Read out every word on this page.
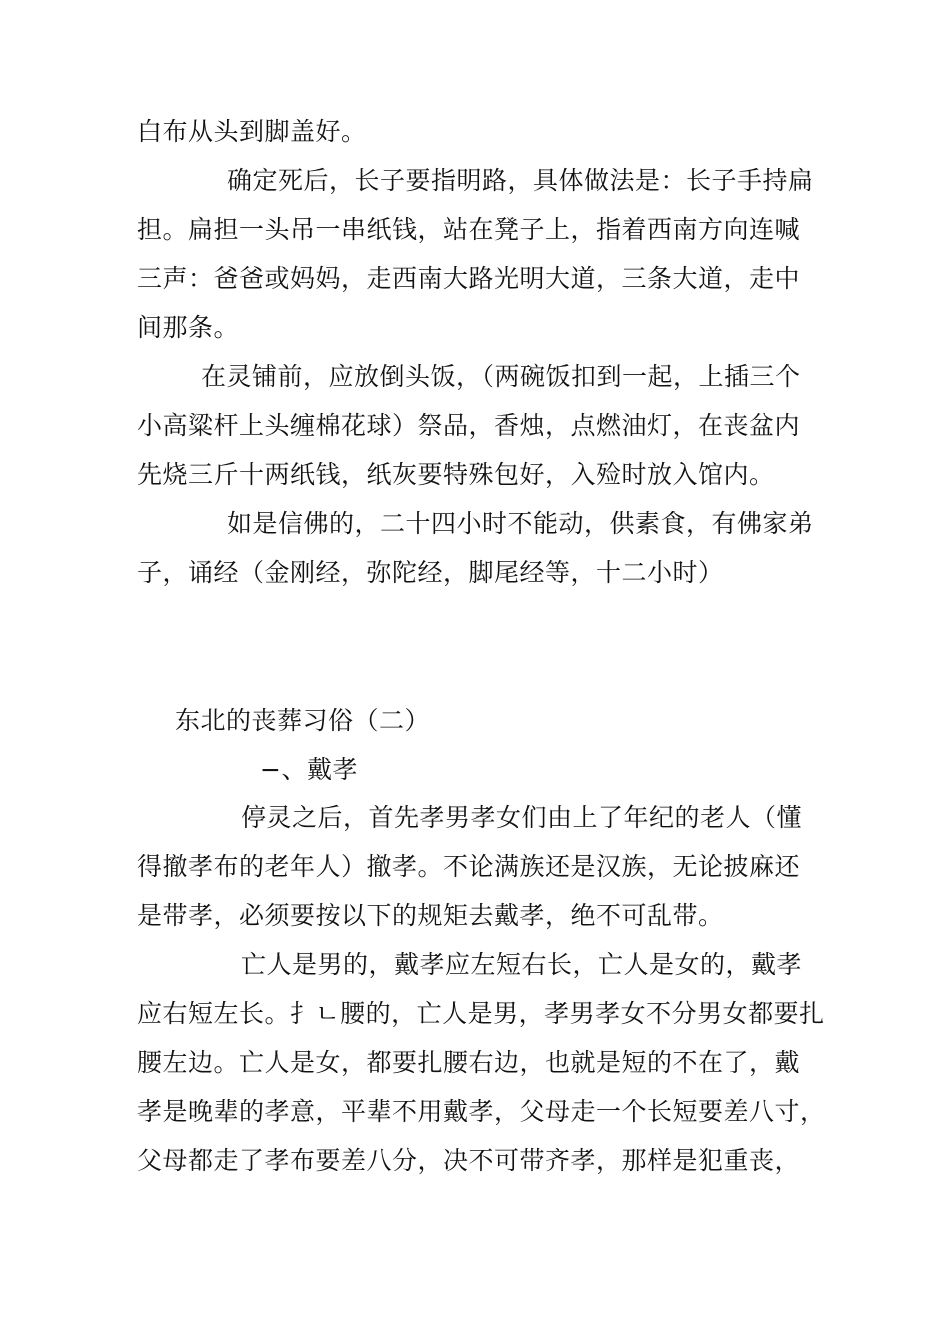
白布从头到脚盖好。
确定死后，长子要指明路，具体做法是：长子手持扁
担。扁担一头吊一串纸钱，站在凳子上，指着西南方向连喊
三声：爸爸或妈妈，走西南大路光明大道，三条大道，走中
间那条。
在灵铺前，应放倒头饭，（两碗饭扣到一起，上插三个
小高粱杆上头缠棉花球）祭品，香烛，点燃油灯，在丧盆内
先烧三斤十两纸钱，纸灰要特殊包好，入殓时放入馆内。
如是信佛的，二十四小时不能动，供素食，有佛家弟
子，诵经（金刚经，弥陀经，脚尾经等，十二小时）
东北的丧葬习俗（二）
−、戴孝
停灵之后，首先孝男孝女们由上了年纪的老人（懂
得撤孝布的老年人）撤孝。不论满族还是汉族，无论披麻还
是带孝，必须要按以下的规矩去戴孝，绝不可乱带。
亡人是男的，戴孝应左短右长，亡人是女的，戴孝
应右短左长。扌ㄴ腰的，亡人是男，孝男孝女不分男女都要扎
腰左边。亡人是女，都要扎腰右边，也就是短的不在了，戴
孝是晚辈的孝意，平辈不用戴孝，父母走一个长短要差八寸，
父母都走了孝布要差八分，决不可带齐孝，那样是犯重丧，
